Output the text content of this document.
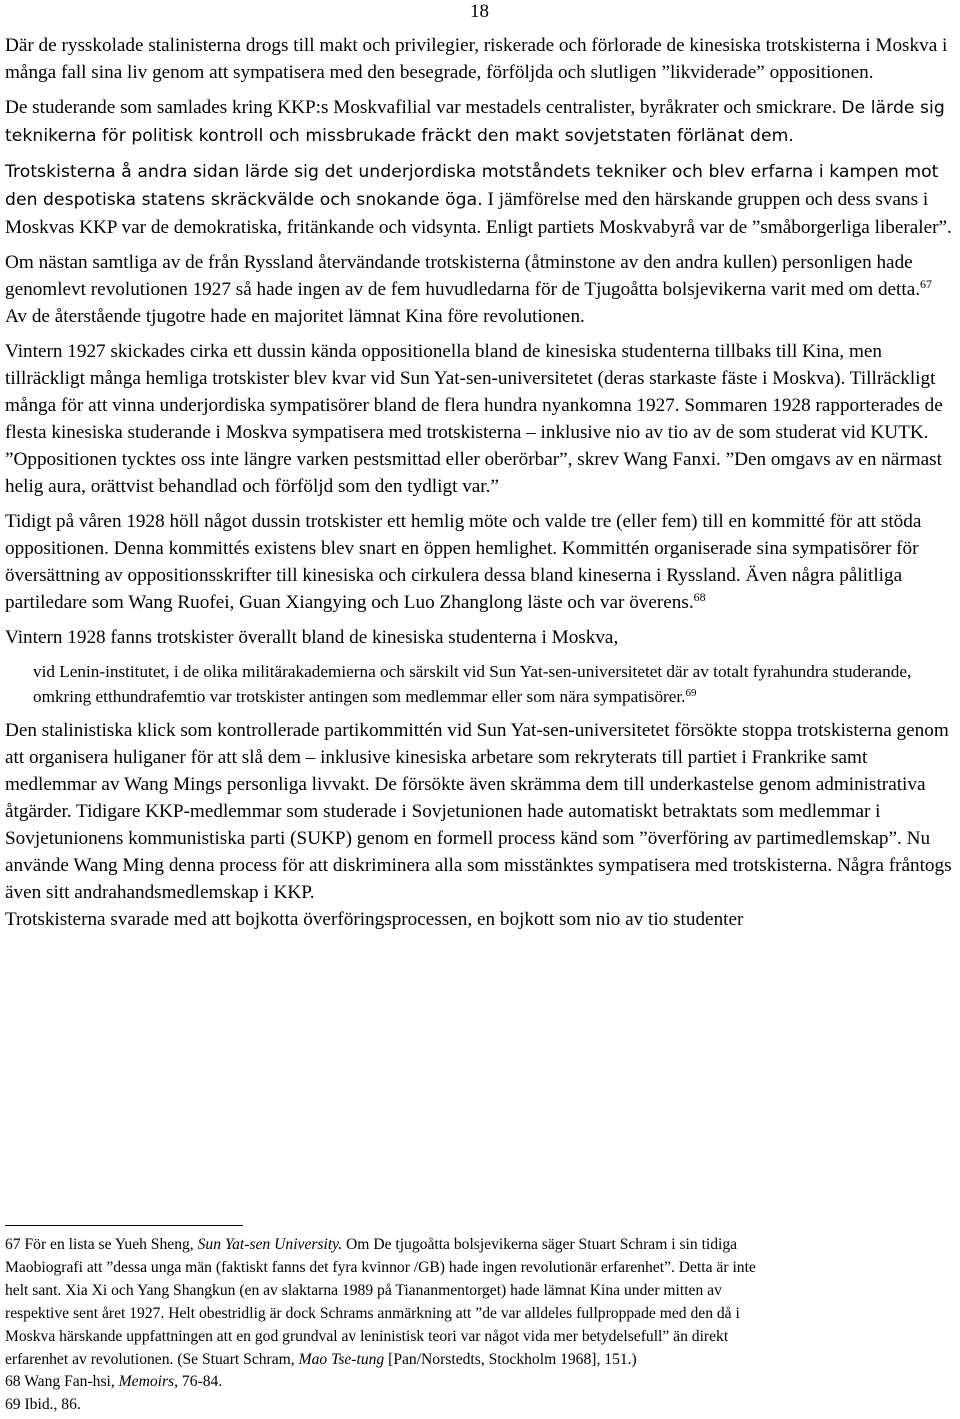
18

Där de rysskolade stalinisterna drogs till makt och privilegier, riskerade och förlorade de kinesiska trotskisterna i Moskva i många fall sina liv genom att sympatisera med den besegrade, förföljda och slutligen ”likviderade” oppositionen.

De studerande som samlades kring KKP:s Moskvafilial var mestadels centralister, byråkrater och smickrare. De lärde sig teknikerna för politisk kontroll och missbrukade fräckt den makt sovjetstaten förlänat dem.

Trotskisterna å andra sidan lärde sig det underjordiska motståndets tekniker och blev erfarna i kampen mot den despotiska statens skräckvälde och snokande öga. I jämförelse med den härskande gruppen och dess svans i Moskvas KKP var de demokratiska, fritänkande och vidsynta. Enligt partiets Moskvabyrå var de ”småborgerliga liberaler”.

Om nästan samtliga av de från Ryssland återvändande trotskisterna (åtminstone av den andra kullen) personligen hade genomlevt revolutionen 1927 så hade ingen av de fem huvudledarna för de Tjugoåtta bolsjevikerna varit med om detta.$^{67}$ Av de återstående tjugotre hade en majoritet lämnat Kina före revolutionen.

Vintern 1927 skickades cirka ett dussin kända oppositionella bland de kinesiska studenterna tillbaks till Kina, men tillräckligt många hemliga trotskister blev kvar vid Sun Yat-sen-universitetet (deras starkaste fäste i Moskva). Tillräckligt många för att vinna underjordiska sympatisörer bland de flera hundra nyankomna 1927. Sommaren 1928 rapporterades de flesta kinesiska studerande i Moskva sympatisera med trotskisterna – inklusive nio av tio av de som studerat vid KUTK. ”Oppositionen tycktes oss inte längre varken pestsmittad eller oberörbar”, skrev Wang Fanxi. ”Den omgavs av en närmast helig aura, orättvist behandlad och förföljd som den tydligt var.”

Tidigt på våren 1928 höll något dussin trotskister ett hemlig möte och valde tre (eller fem) till en kommitté för att stöda oppositionen. Denna kommittés existens blev snart en öppen hemlighet. Kommittén organiserade sina sympatisörer för översättning av oppositionsskrifter till kinesiska och cirkulera dessa bland kineserna i Ryssland. Även några pålitliga partiledare som Wang Ruofei, Guan Xiangying och Luo Zhanglong läste och var överens.$^{68}$

Vintern 1928 fanns trotskister överallt bland de kinesiska studenterna i Moskva,

vid Lenin-institutet, i de olika militärakademierna och särskilt vid Sun Yat-sen-universitetet där av totalt fyrahundra studerande, omkring etthundrafemtio var trotskister antingen som medlemmar eller som nära sympatisörer.$^{69}$

Den stalinistiska klick som kontrollerade partikommittén vid Sun Yat-sen-universitetet försökte stoppa trotskisterna genom att organisera huliganer för att slå dem – inklusive kinesiska arbetare som rekryterats till partiet i Frankrike samt medlemmar av Wang Mings personliga livvakt. De försökte även skrämma dem till underkastelse genom administrativa åtgärder. Tidigare KKP-medlemmar som studerade i Sovjetunionen hade automatiskt betraktats som medlemmar i Sovjetunionens kommunistiska parti (SUKP) genom en formell process känd som ”överföring av partimedlemskap”. Nu använde Wang Ming denna process för att diskriminera alla som misstänktes sympatisera med trotskisterna. Några fråntogs även sitt andrahandsmedlemskap i KKP.
Trotskisterna svarade med att bojkotta överföringsprocessen, en bojkott som nio av tio studenter

67 För en lista se Yueh Sheng, Sun Yat-sen University. Om De tjugoåtta bolsjevikerna säger Stuart Schram i sin tidiga
Maobiografi att ”dessa unga män (faktiskt fanns det fyra kvinnor /GB) hade ingen revolutionär erfarenhet”. Detta är inte
helt sant. Xia Xi och Yang Shangkun (en av slaktarna 1989 på Tiananmentorget) hade lämnat Kina under mitten av
respektive sent året 1927. Helt obestridlig är dock Schrams anmärkning att ”de var alldeles fullproppade med den då i
Moskva härskande uppfattningen att en god grundval av leninistisk teori var något vida mer betydelsefull” än direkt
erfarenhet av revolutionen. (Se Stuart Schram, Mao Tse-tung [Pan/Norstedts, Stockholm 1968], 151.)
68 Wang Fan-hsi, Memoirs, 76-84.
69 Ibid., 86.
